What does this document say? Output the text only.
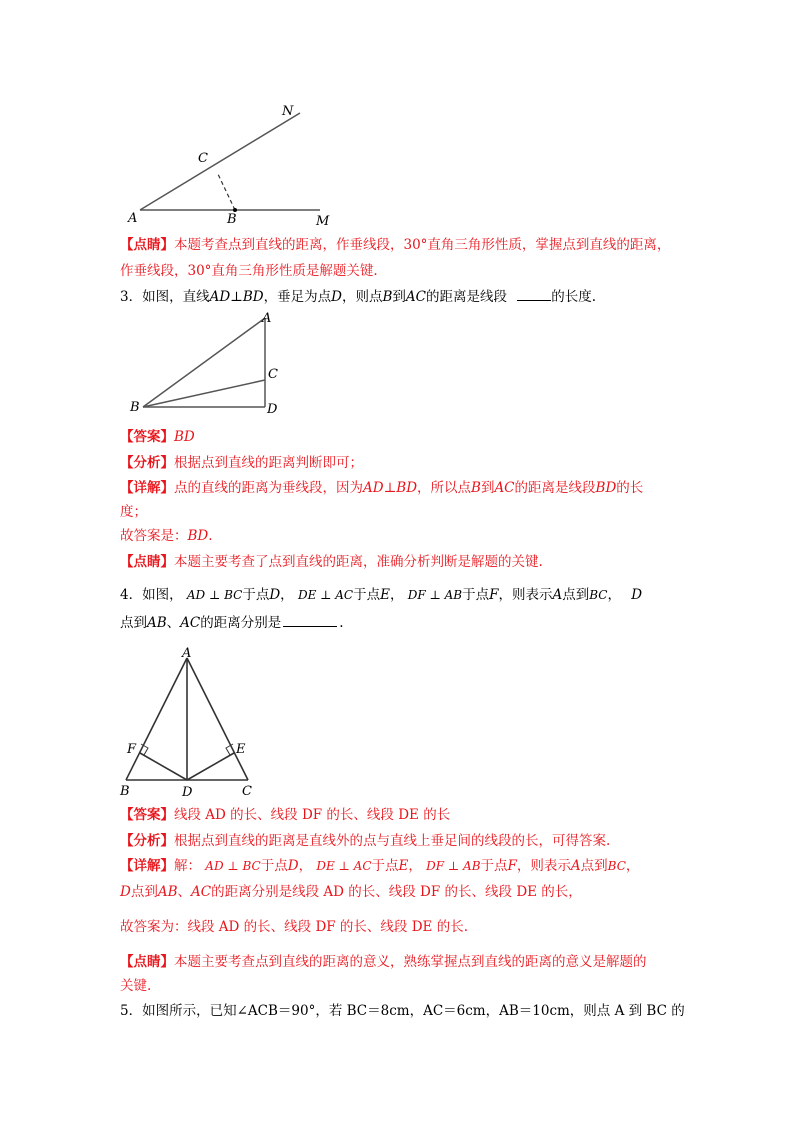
N
C
A	B	M
【点睛】本题考查点到直线的距离，作垂线段，30°直角三角形性质，掌握点到直线的距离，
作垂线段，30°直角三角形性质是解题关键.
3．如图，直线AD⊥BD，垂足为点D，则点B到AC的距离是线段	的长度.
A
C
B	D
【答案】BD
【分析】根据点到直线的距离判断即可；
【详解】点的直线的距离为垂线段，因为AD⊥BD，所以点B到AC的距离是线段BD的长
度；
故答案是：BD.
【点睛】本题主要考查了点到直线的距离，准确分析判断是解题的关键.
4．如图， AD ⊥ BC于点D， DE ⊥ AC于点E， DF ⊥ AB于点F，则表示A点到BC， D
点到AB、AC的距离分别是	.
A
F	E
B	D	C
【答案】线段 AD 的长、线段 DF 的长、线段 DE 的长
【分析】根据点到直线的距离是直线外的点与直线上垂足间的线段的长，可得答案.
【详解】解： AD ⊥ BC于点D， DE ⊥ AC于点E， DF ⊥ AB于点F，则表示A点到BC，
D点到AB、AC的距离分别是线段 AD 的长、线段 DF 的长、线段 DE 的长，
故答案为：线段 AD 的长、线段 DF 的长、线段 DE 的长.
【点睛】本题主要考查点到直线的距离的意义，熟练掌握点到直线的距离的意义是解题的
关键.
5．如图所示，已知∠ACB＝90°，若 BC＝8cm，AC＝6cm，AB＝10cm，则点 A 到 BC 的
